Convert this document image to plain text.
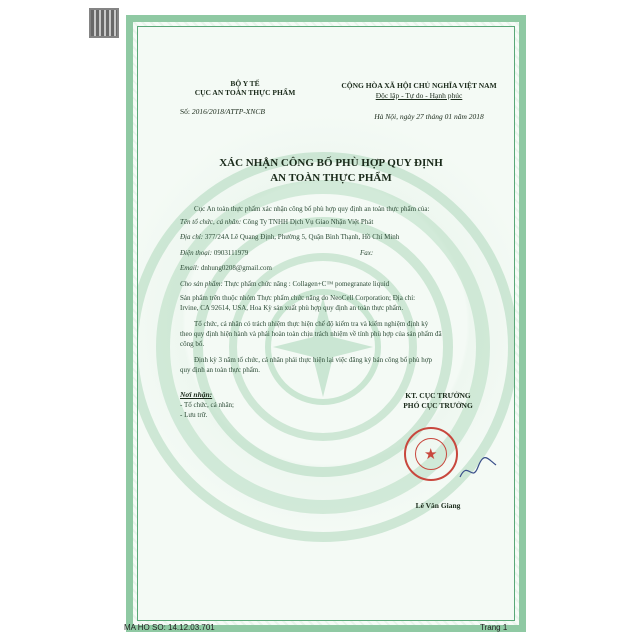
BỘ Y TẾ
CỤC AN TOÀN THỰC PHẨM
Số: 2016/2018/ATTP-XNCB
CỘNG HÒA XÃ HỘI CHỦ NGHĨA VIỆT NAM
Độc lập - Tự do - Hạnh phúc
Hà Nội, ngày 27 tháng 01 năm 2018
XÁC NHẬN CÔNG BỐ PHÙ HỢP QUY ĐỊNH
AN TOÀN THỰC PHẨM
Cục An toàn thực phẩm xác nhận công bố phù hợp quy định an toàn thực phẩm của:
Tên tổ chức, cá nhân: Công Ty TNHH Dịch Vụ Giao Nhận Việt Phát
Địa chỉ: 377/24A Lê Quang Định, Phường 5, Quận Bình Thạnh, Hồ Chí Minh
Điện thoại: 0903111979	Fax:
Email: dnhung0208@gmail.com
Cho sản phẩm: Thực phẩm chức năng : Collagen+C™ pomegranate liquid
Sản phẩm trên thuộc nhóm Thực phẩm chức năng do NeoCell Corporation; Địa chỉ:
Irvine, CA 92614, USA, Hoa Kỳ sản xuất phù hợp quy định an toàn thực phẩm.
Tổ chức, cá nhân có trách nhiệm thực hiện chế độ kiểm tra và kiểm nghiệm định kỳ
theo quy định hiện hành và phải hoàn toàn chịu trách nhiệm về tính phù hợp của sản phẩm đã
công bố.
Định kỳ 3 năm tổ chức, cá nhân phải thực hiện lại việc đăng ký bản công bố phù hợp
quy định an toàn thực phẩm.
Nơi nhận:
- Tổ chức, cá nhân;
- Lưu trữ.
KT. CỤC TRƯỞNG
PHÓ CỤC TRƯỞNG
★
Lê Văn Giang
MA HO SO: 14.12.03.701	Trang 1
